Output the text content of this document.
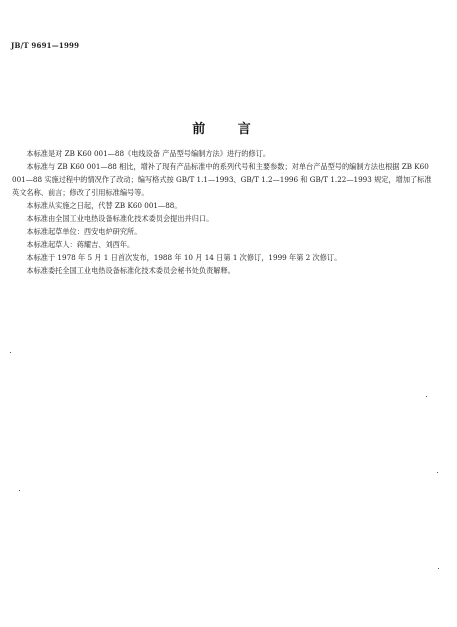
JB/T 9691—1999
前 言

本标准是对 ZB K60 001—88《电线设备 产品型号编制方法》进行的修订。

本标准与 ZB K60 001—88 相比，增补了现有产品标准中的系列代号和主要参数；对单台产品型号的编制方法也根据 ZB K60 001—88 实施过程中的情况作了改动；编写格式按 GB/T 1.1—1993、GB/T 1.2—1996 和 GB/T 1.22—1993 规定，增加了标准英文名称、前言；修改了引用标准编号等。

本标准从实施之日起，代替 ZB K60 001—88。

本标准由全国工业电热设备标准化技术委员会提出并归口。

本标准起草单位：西安电炉研究所。

本标准起草人：蒋耀吉、刘西年。

本标准于 1978 年 5 月 1 日首次发布，1988 年 10 月 14 日第 1 次修订，1999 年第 2 次修订。

本标准委托全国工业电热设备标准化技术委员会秘书处负责解释。
